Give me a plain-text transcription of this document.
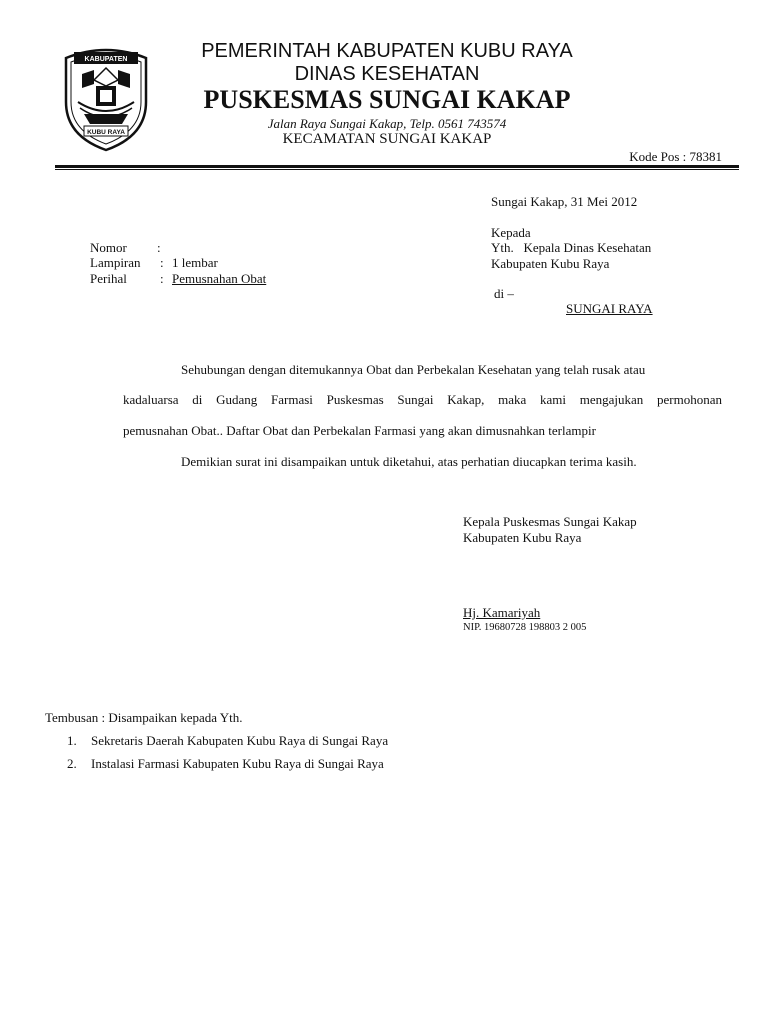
KABUPATEN
KUBU RAYA
PEMERINTAH KABUPATEN KUBU RAYA
DINAS KESEHATAN
PUSKESMAS SUNGAI KAKAP
Jalan Raya Sungai Kakap, Telp. 0561 743574
KECAMATAN SUNGAI KAKAP
Kode Pos : 78381
Sungai Kakap, 31 Mei 2012
Nomor :
Lampiran : 1 lembar
Perihal	: Pemusnahan Obat
Kepada
Yth.   Kepala Dinas Kesehatan
Kabupaten Kubu Raya
di –
SUNGAI RAYA
Sehubungan dengan ditemukannya Obat dan Perbekalan Kesehatan yang telah rusak atau
kadaluarsa di Gudang Farmasi Puskesmas Sungai Kakap, maka kami mengajukan permohonan
pemusnahan Obat.. Daftar Obat dan Perbekalan Farmasi yang akan dimusnahkan terlampir
Demikian surat ini disampaikan untuk diketahui, atas perhatian diucapkan terima kasih.
Kepala Puskesmas Sungai Kakap
Kabupaten Kubu Raya
Hj. Kamariyah
NIP. 19680728 198803 2 005
Tembusan : Disampaikan kepada Yth.
1. Sekretaris Daerah Kabupaten Kubu Raya di Sungai Raya
2. Instalasi Farmasi Kabupaten Kubu Raya di Sungai Raya
